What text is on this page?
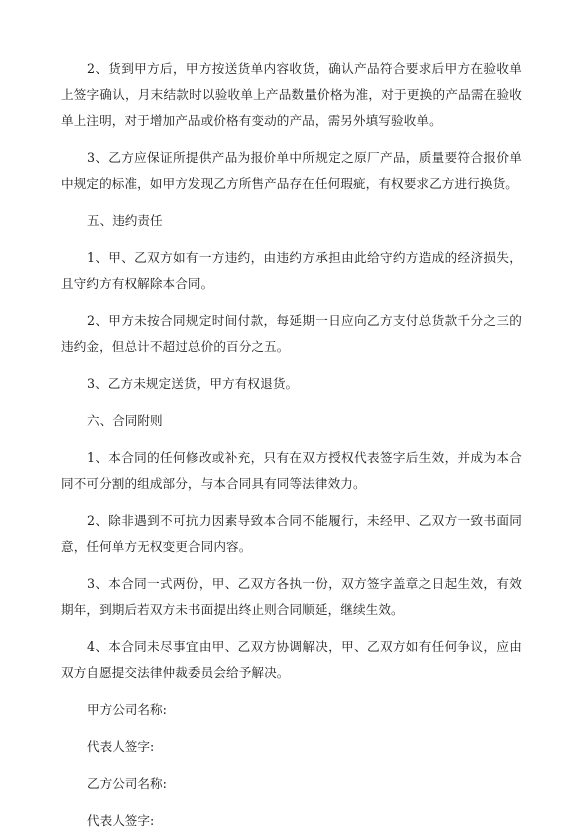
2、货到甲方后，甲方按送货单内容收货，确认产品符合要求后甲方在验收单上签字确认，月末结款时以验收单上产品数量价格为准，对于更换的产品需在验收单上注明，对于增加产品或价格有变动的产品，需另外填写验收单。

3、乙方应保证所提供产品为报价单中所规定之原厂产品，质量要符合报价单中规定的标准，如甲方发现乙方所售产品存在任何瑕疵，有权要求乙方进行换货。

五、违约责任

1、甲、乙双方如有一方违约，由违约方承担由此给守约方造成的经济损失，且守约方有权解除本合同。

2、甲方未按合同规定时间付款，每延期一日应向乙方支付总货款千分之三的违约金，但总计不超过总价的百分之五。

3、乙方未规定送货，甲方有权退货。

六、合同附则

1、本合同的任何修改或补充，只有在双方授权代表签字后生效，并成为本合同不可分割的组成部分，与本合同具有同等法律效力。

2、除非遇到不可抗力因素导致本合同不能履行，未经甲、乙双方一致书面同意，任何单方无权变更合同内容。

3、本合同一式两份，甲、乙双方各执一份，双方签字盖章之日起生效，有效期年，到期后若双方未书面提出终止则合同顺延，继续生效。

4、本合同未尽事宜由甲、乙双方协调解决，甲、乙双方如有任何争议，应由双方自愿提交法律仲裁委员会给予解决。

甲方公司名称:

代表人签字:

乙方公司名称:

代表人签字:
